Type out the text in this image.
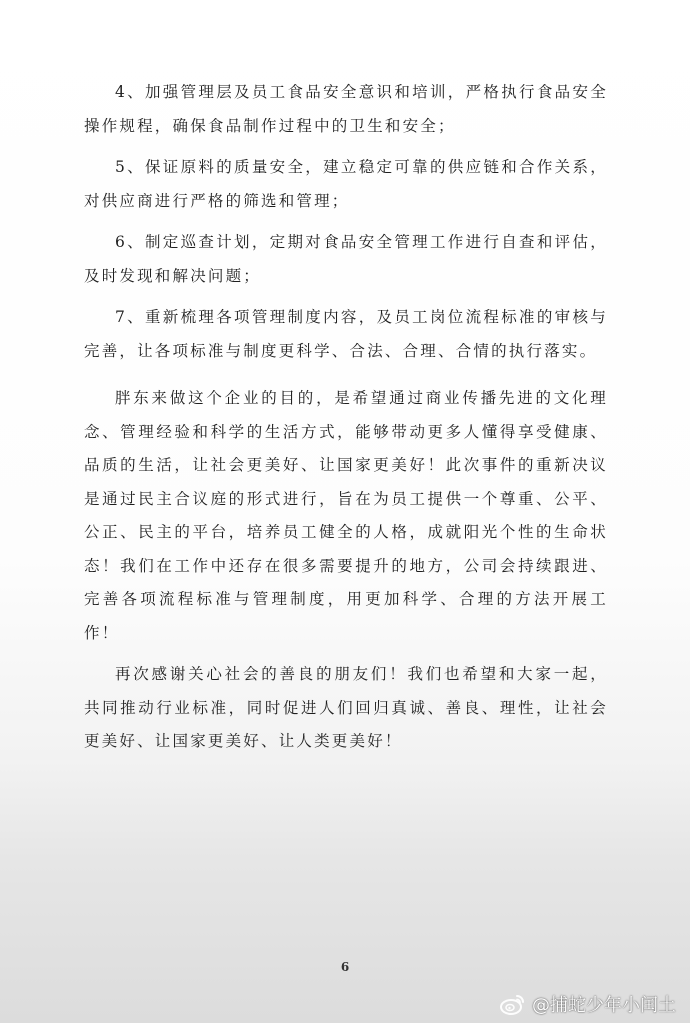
4、加强管理层及员工食品安全意识和培训，严格执行食品安全操作规程，确保食品制作过程中的卫生和安全；

5、保证原料的质量安全，建立稳定可靠的供应链和合作关系，对供应商进行严格的筛选和管理；

6、制定巡查计划，定期对食品安全管理工作进行自查和评估，及时发现和解决问题；

7、重新梳理各项管理制度内容，及员工岗位流程标准的审核与完善，让各项标准与制度更科学、合法、合理、合情的执行落实。

胖东来做这个企业的目的，是希望通过商业传播先进的文化理念、管理经验和科学的生活方式，能够带动更多人懂得享受健康、品质的生活，让社会更美好、让国家更美好！此次事件的重新决议是通过民主合议庭的形式进行，旨在为员工提供一个尊重、公平、公正、民主的平台，培养员工健全的人格，成就阳光个性的生命状态！我们在工作中还存在很多需要提升的地方，公司会持续跟进、完善各项流程标准与管理制度，用更加科学、合理的方法开展工作！

再次感谢关心社会的善良的朋友们！我们也希望和大家一起，共同推动行业标准，同时促进人们回归真诚、善良、理性，让社会更美好、让国家更美好、让人类更美好！

6
@捕蛇少年小闰土
